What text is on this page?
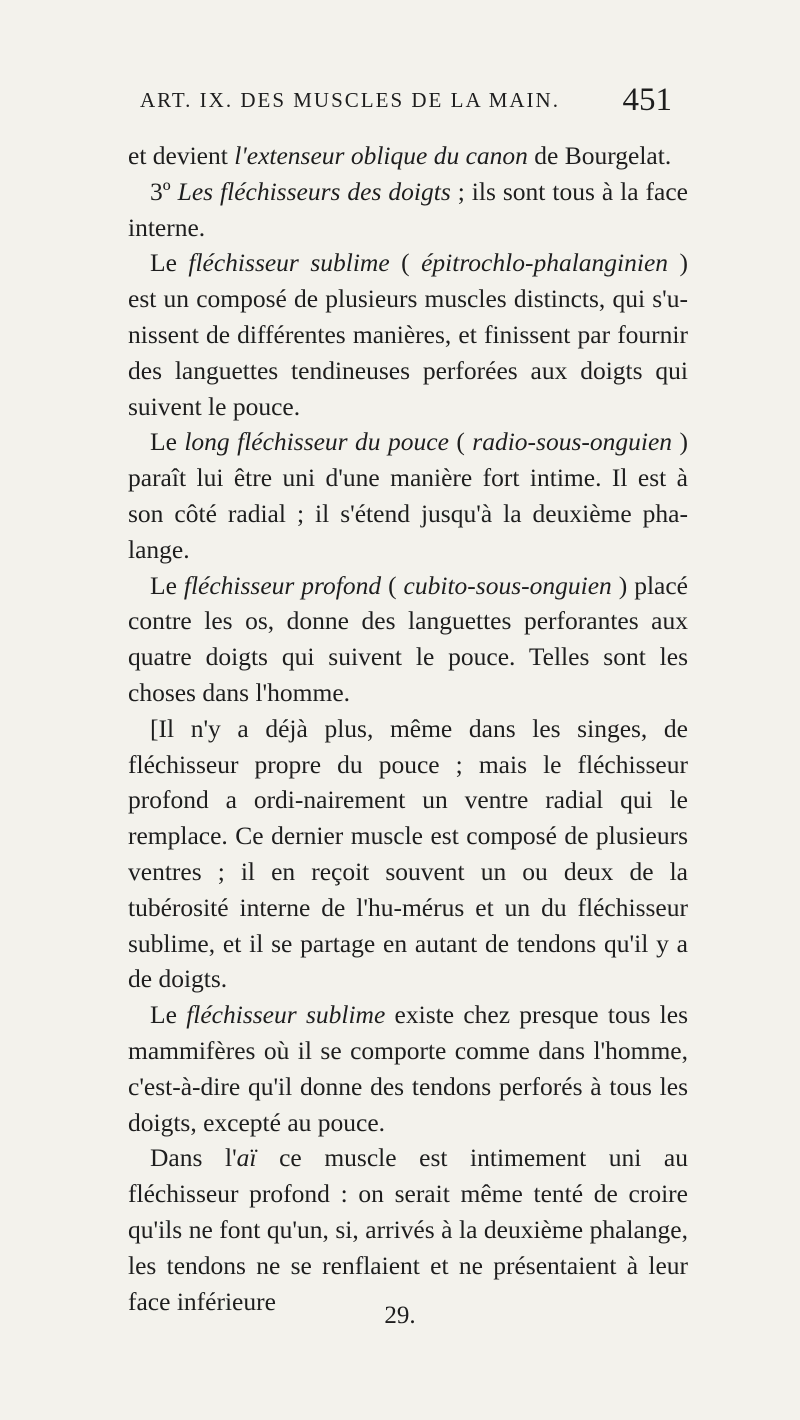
ART. IX. DES MUSCLES DE LA MAIN. 451

et devient l'extenseur oblique du canon de Bourgelat.

3º Les fléchisseurs des doigts ; ils sont tous à la face interne.

Le fléchisseur sublime ( épitrochlo-phalanginien ) est un composé de plusieurs muscles distincts, qui s'u-nissent de différentes manières, et finissent par fournir des languettes tendineuses perforées aux doigts qui suivent le pouce.

Le long fléchisseur du pouce ( radio-sous-onguien ) paraît lui être uni d'une manière fort intime. Il est à son côté radial ; il s'étend jusqu'à la deuxième pha-lange.

Le fléchisseur profond ( cubito-sous-onguien ) placé contre les os, donne des languettes perforantes aux quatre doigts qui suivent le pouce. Telles sont les choses dans l'homme.

[Il n'y a déjà plus, même dans les singes, de fléchisseur propre du pouce ; mais le fléchisseur profond a ordi-nairement un ventre radial qui le remplace. Ce dernier muscle est composé de plusieurs ventres ; il en reçoit souvent un ou deux de la tubérosité interne de l'hu-mérus et un du fléchisseur sublime, et il se partage en autant de tendons qu'il y a de doigts.

Le fléchisseur sublime existe chez presque tous les mammifères où il se comporte comme dans l'homme, c'est-à-dire qu'il donne des tendons perforés à tous les doigts, excepté au pouce.

Dans l'aï ce muscle est intimement uni au fléchisseur profond : on serait même tenté de croire qu'ils ne font qu'un, si, arrivés à la deuxième phalange, les tendons ne se renflaient et ne présentaient à leur face inférieure	29.
